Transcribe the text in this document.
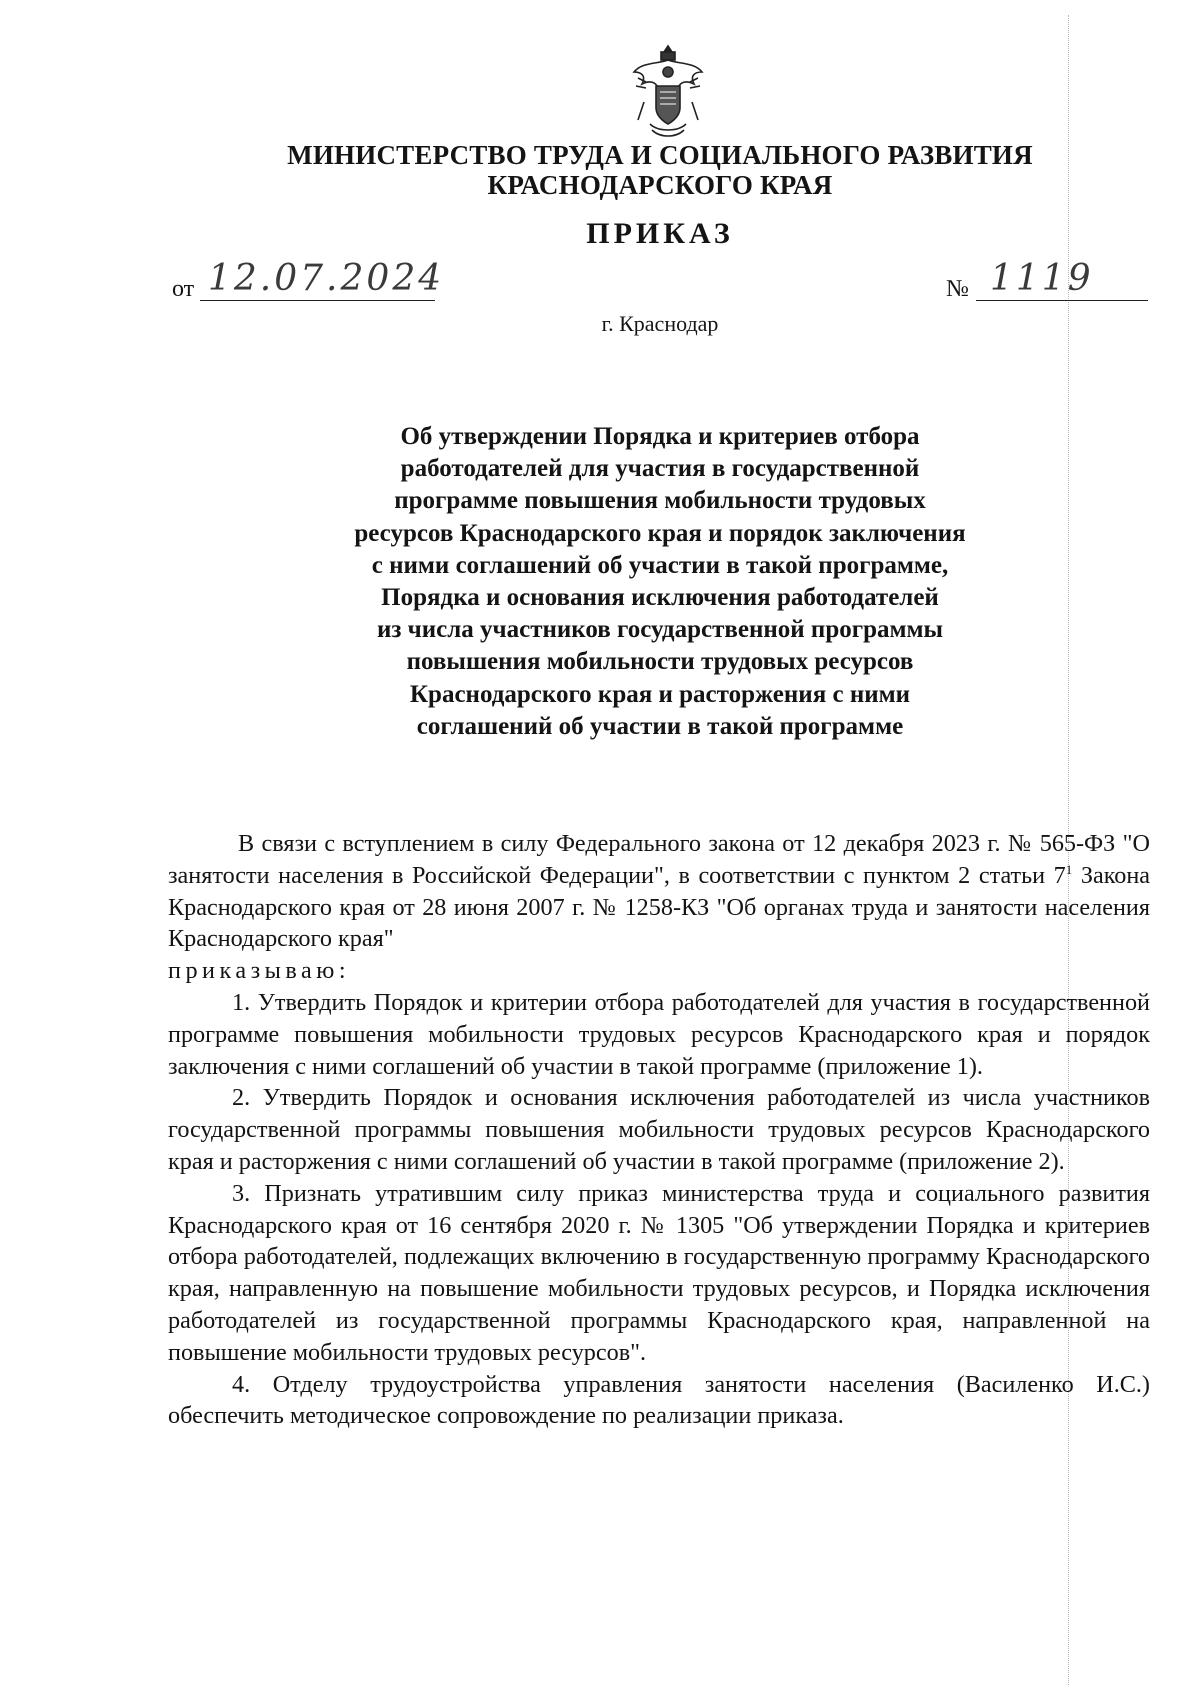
МИНИСТЕРСТВО ТРУДА И СОЦИАЛЬНОГО РАЗВИТИЯ
КРАСНОДАРСКОГО КРАЯ
ПРИКАЗ
от 12.07.2024	№ 1119
г. Краснодар
Об утверждении Порядка и критериев отбора
работодателей для участия в государственной
программе повышения мобильности трудовых
ресурсов Краснодарского края и порядок заключения
с ними соглашений об участии в такой программе,
Порядка и основания исключения работодателей
из числа участников государственной программы
повышения мобильности трудовых ресурсов
Краснодарского края и расторжения с ними
соглашений об участии в такой программе

В связи с вступлением в силу Федерального закона от 12 декабря 2023 г. № 565-ФЗ "О занятости населения в Российской Федерации", в соответствии с пунктом 2 статьи $7^1$ Закона Краснодарского края от 28 июня 2007 г. № 1258-КЗ "Об органах труда и занятости населения Краснодарского края"

приказываю:

1. Утвердить Порядок и критерии отбора работодателей для участия в государственной программе повышения мобильности трудовых ресурсов Краснодарского края и порядок заключения с ними соглашений об участии в такой программе (приложение 1).

2. Утвердить Порядок и основания исключения работодателей из числа участников государственной программы повышения мобильности трудовых ресурсов Краснодарского края и расторжения с ними соглашений об участии в такой программе (приложение 2).

3. Признать утратившим силу приказ министерства труда и социального развития Краснодарского края от 16 сентября 2020 г. № 1305 "Об утверждении Порядка и критериев отбора работодателей, подлежащих включению в государственную программу Краснодарского края, направленную на повышение мобильности трудовых ресурсов, и Порядка исключения работодателей из государственной программы Краснодарского края, направленной на повышение мобильности трудовых ресурсов".

4. Отделу трудоустройства управления занятости населения (Василенко И.С.) обеспечить методическое сопровождение по реализации приказа.
